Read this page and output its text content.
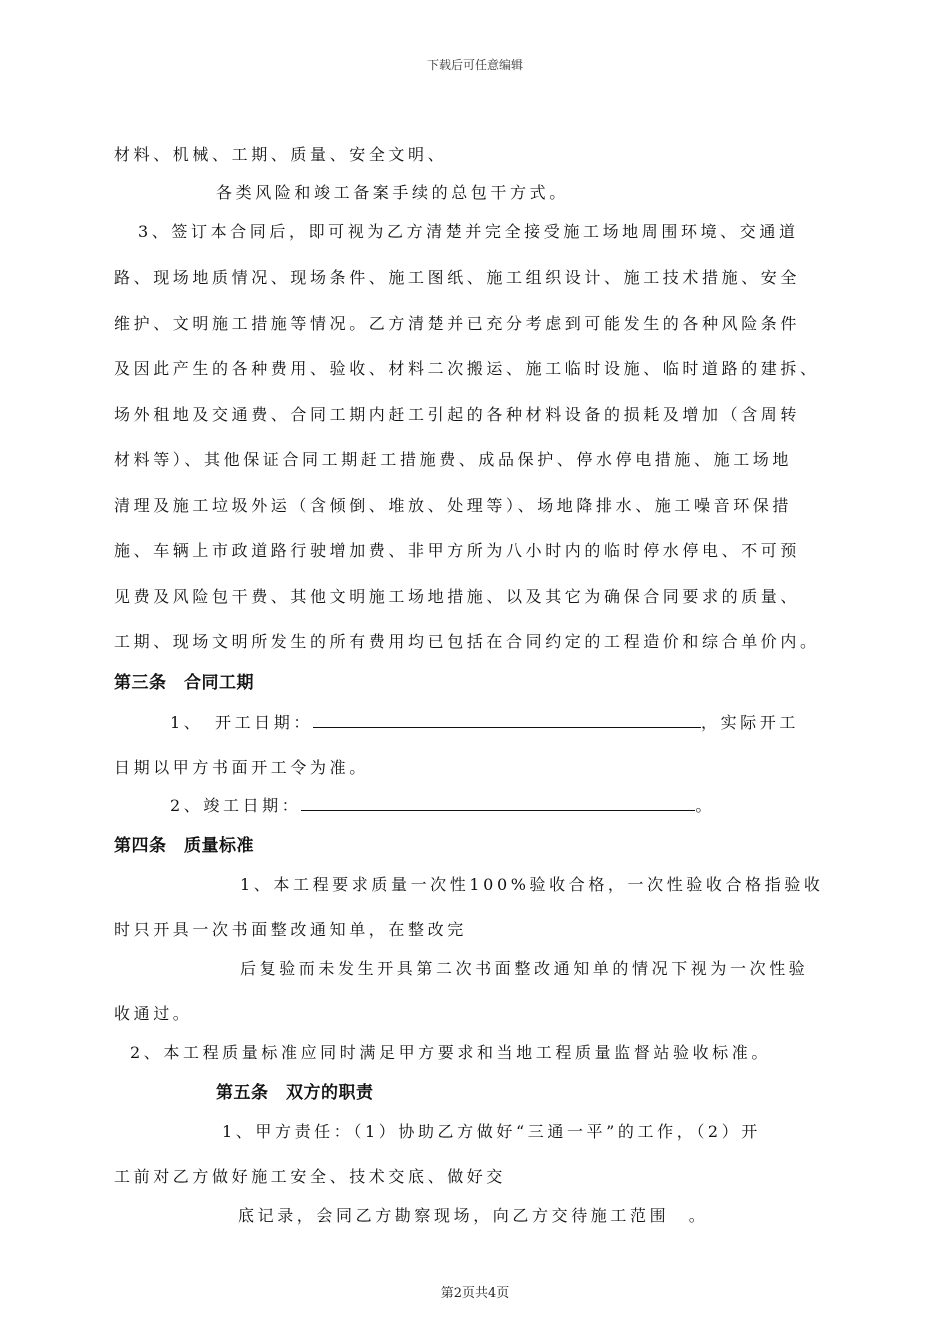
下载后可任意编辑
材料、机械、工期、质量、安全文明、
各类风险和竣工备案手续的总包干方式。
3、签订本合同后，即可视为乙方清楚并完全接受施工场地周围环境、交通道
路、现场地质情况、现场条件、施工图纸、施工组织设计、施工技术措施、安全
维护、文明施工措施等情况。乙方清楚并已充分考虑到可能发生的各种风险条件
及因此产生的各种费用、验收、材料二次搬运、施工临时设施、临时道路的建拆、
场外租地及交通费、合同工期内赶工引起的各种材料设备的损耗及增加（含周转
材料等）、其他保证合同工期赶工措施费、成品保护、停水停电措施、施工场地
清理及施工垃圾外运（含倾倒、堆放、处理等）、场地降排水、施工噪音环保措
施、车辆上市政道路行驶增加费、非甲方所为八小时内的临时停水停电、不可预
见费及风险包干费、其他文明施工场地措施、以及其它为确保合同要求的质量、
工期、现场文明所发生的所有费用均已包括在合同约定的工程造价和综合单价内。
第三条　合同工期
1、　开工日期：	，实际开工
日期以甲方书面开工令为准。
2、竣工日期：	。
第四条　质量标准
1、本工程要求质量一次性100%验收合格，一次性验收合格指验收
时只开具一次书面整改通知单，在整改完
后复验而未发生开具第二次书面整改通知单的情况下视为一次性验
收通过。
2、本工程质量标准应同时满足甲方要求和当地工程质量监督站验收标准。
第五条　双方的职责
1、甲方责任：（1）协助乙方做好“三通一平”的工作，（2）开
工前对乙方做好施工安全、技术交底、做好交
底记录，会同乙方勘察现场，向乙方交待施工范围　。
第2页共4页
